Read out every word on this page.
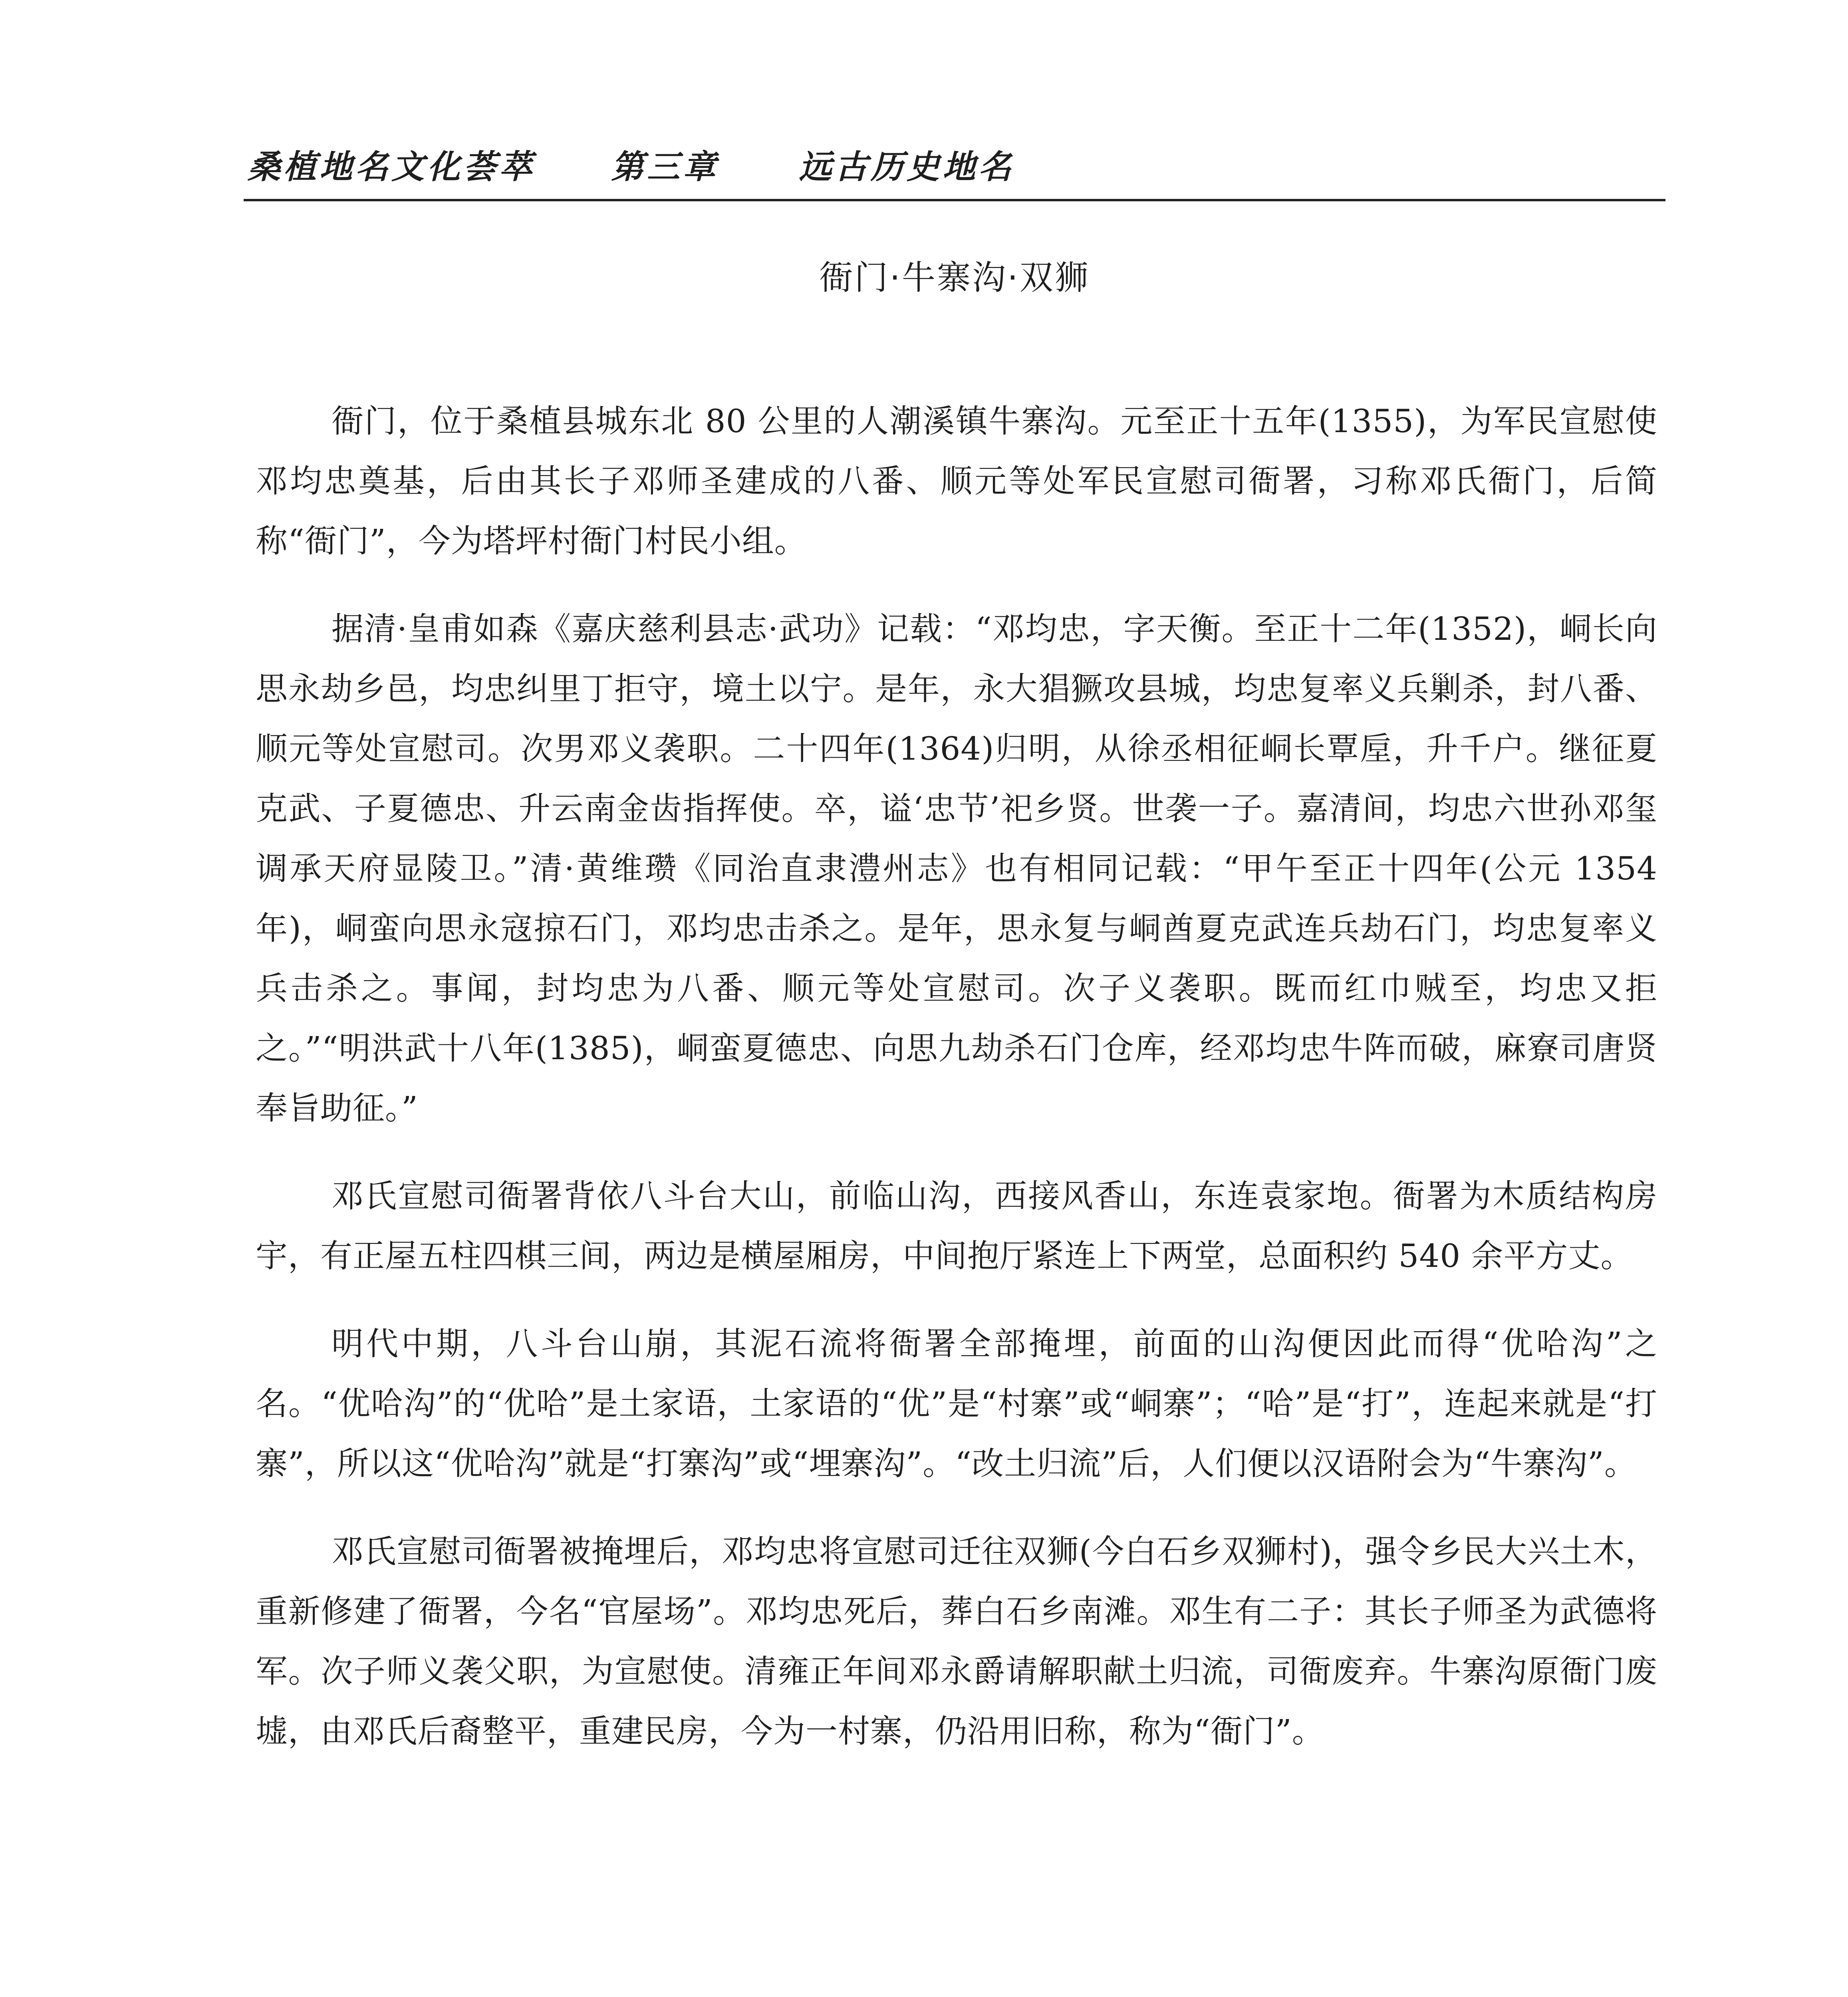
桑植地名文化荟萃 第三章 远古历史地名
衙门·牛寨沟·双狮

衙门，位于桑植县城东北 80 公里的人潮溪镇牛寨沟。元至正十五年(1355)，为军民宣慰使邓均忠奠基，后由其长子邓师圣建成的八番、顺元等处军民宣慰司衙署，习称邓氏衙门，后简称“衙门”，今为塔坪村衙门村民小组。

据清·皇甫如森《嘉庆慈利县志·武功》记载：“邓均忠，字天衡。至正十二年(1352)，峒长向思永劫乡邑，均忠纠里丁拒守，境土以宁。是年，永大猖獗攻县城，均忠复率义兵剿杀，封八番、顺元等处宣慰司。次男邓义袭职。二十四年(1364)归明，从徐丞相征峒长覃垕，升千户。继征夏克武、子夏德忠、升云南金齿指挥使。卒，谥‘忠节’祀乡贤。世袭一子。嘉清间，均忠六世孙邓玺调承天府显陵卫。”清·黄维瓒《同治直隶澧州志》也有相同记载：“甲午至正十四年(公元 1354 年)，峒蛮向思永寇掠石门，邓均忠击杀之。是年，思永复与峒酋夏克武连兵劫石门，均忠复率义兵击杀之。事闻，封均忠为八番、顺元等处宣慰司。次子义袭职。既而红巾贼至，均忠又拒之。”“明洪武十八年(1385)，峒蛮夏德忠、向思九劫杀石门仓库，经邓均忠牛阵而破，麻寮司唐贤奉旨助征。”

邓氏宣慰司衙署背依八斗台大山，前临山沟，西接风香山，东连袁家垉。衙署为木质结构房宇，有正屋五柱四棋三间，两边是横屋厢房，中间抱厅紧连上下两堂，总面积约 540 余平方丈。

明代中期，八斗台山崩，其泥石流将衙署全部掩埋，前面的山沟便因此而得“优哈沟”之名。“优哈沟”的“优哈”是土家语，土家语的“优”是“村寨”或“峒寨”；“哈”是“打”，连起来就是“打寨”，所以这“优哈沟”就是“打寨沟”或“埋寨沟”。“改土归流”后，人们便以汉语附会为“牛寨沟”。

邓氏宣慰司衙署被掩埋后，邓均忠将宣慰司迁往双狮(今白石乡双狮村)，强令乡民大兴土木，重新修建了衙署，今名“官屋场”。邓均忠死后，葬白石乡南滩。邓生有二子：其长子师圣为武德将军。次子师义袭父职，为宣慰使。清雍正年间邓永爵请解职献土归流，司衙废弃。牛寨沟原衙门废墟，由邓氏后裔整平，重建民房，今为一村寨，仍沿用旧称，称为“衙门”。
